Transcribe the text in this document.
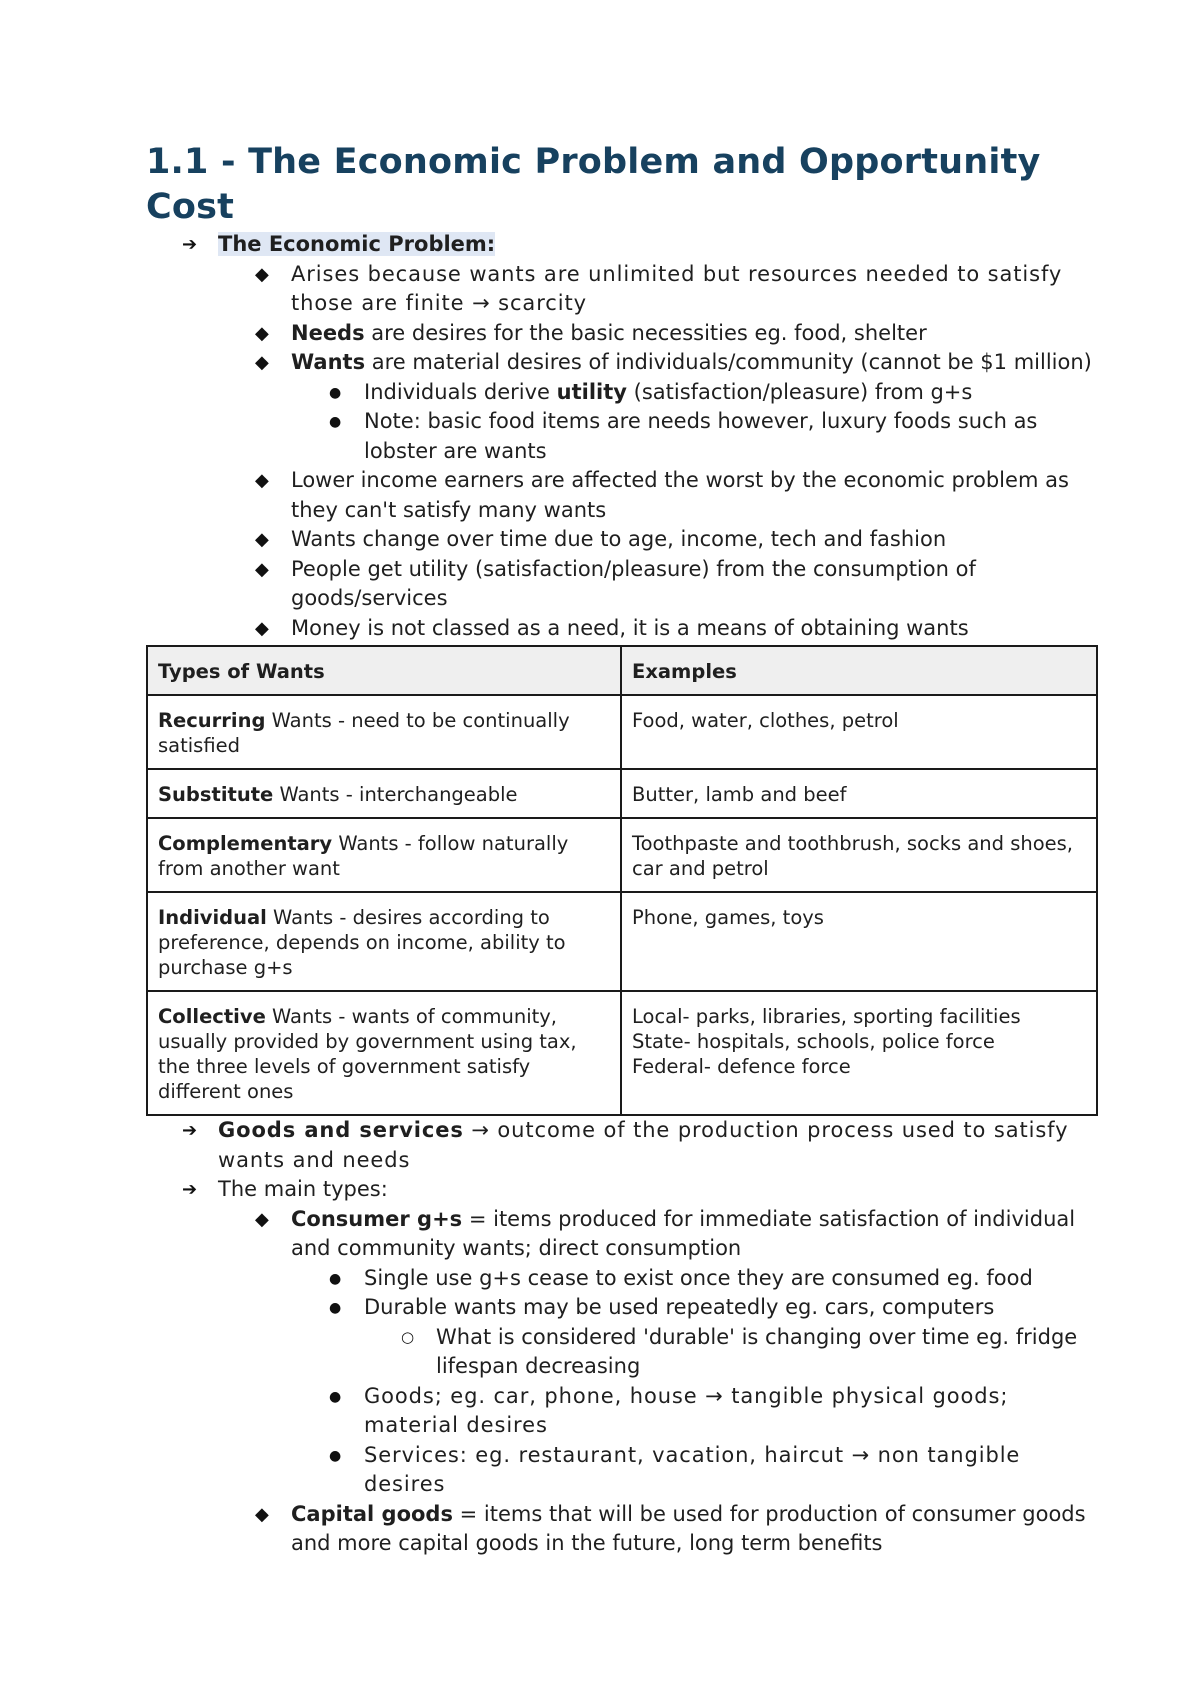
1.1 - The Economic Problem and Opportunity Cost
➔ The Economic Problem:
◆ Arises because wants are unlimited but resources needed to satisfy those are finite → scarcity
◆ Needs are desires for the basic necessities eg. food, shelter
◆ Wants are material desires of individuals/community (cannot be $1 million)
● Individuals derive utility (satisfaction/pleasure) from g+s
● Note: basic food items are needs however, luxury foods such as lobster are wants
◆ Lower income earners are affected the worst by the economic problem as they can't satisfy many wants
◆ Wants change over time due to age, income, tech and fashion
◆ People get utility (satisfaction/pleasure) from the consumption of goods/services
◆ Money is not classed as a need, it is a means of obtaining wants
Types of Wants	Examples
Recurring Wants - need to be continually satisfied	Food, water, clothes, petrol

Substitute Wants - interchangeable	Butter, lamb and beef

Complementary Wants - follow naturally from another want	Toothpaste and toothbrush, socks and shoes, car and petrol

Individual Wants - desires according to preference, depends on income, ability to purchase g+s	Phone, games, toys

Collective Wants - wants of community, usually provided by government using tax, the three levels of government satisfy different ones	Local- parks, libraries, sporting facilities
State- hospitals, schools, police force
Federal- defence force
➔ Goods and services → outcome of the production process used to satisfy wants and needs
➔ The main types:
◆ Consumer g+s = items produced for immediate satisfaction of individual and community wants; direct consumption
● Single use g+s cease to exist once they are consumed eg. food
● Durable wants may be used repeatedly eg. cars, computers
○ What is considered 'durable' is changing over time eg. fridge lifespan decreasing
● Goods; eg. car, phone, house → tangible physical goods; material desires
● Services: eg. restaurant, vacation, haircut → non tangible desires
◆ Capital goods = items that will be used for production of consumer goods and more capital goods in the future, long term benefits
